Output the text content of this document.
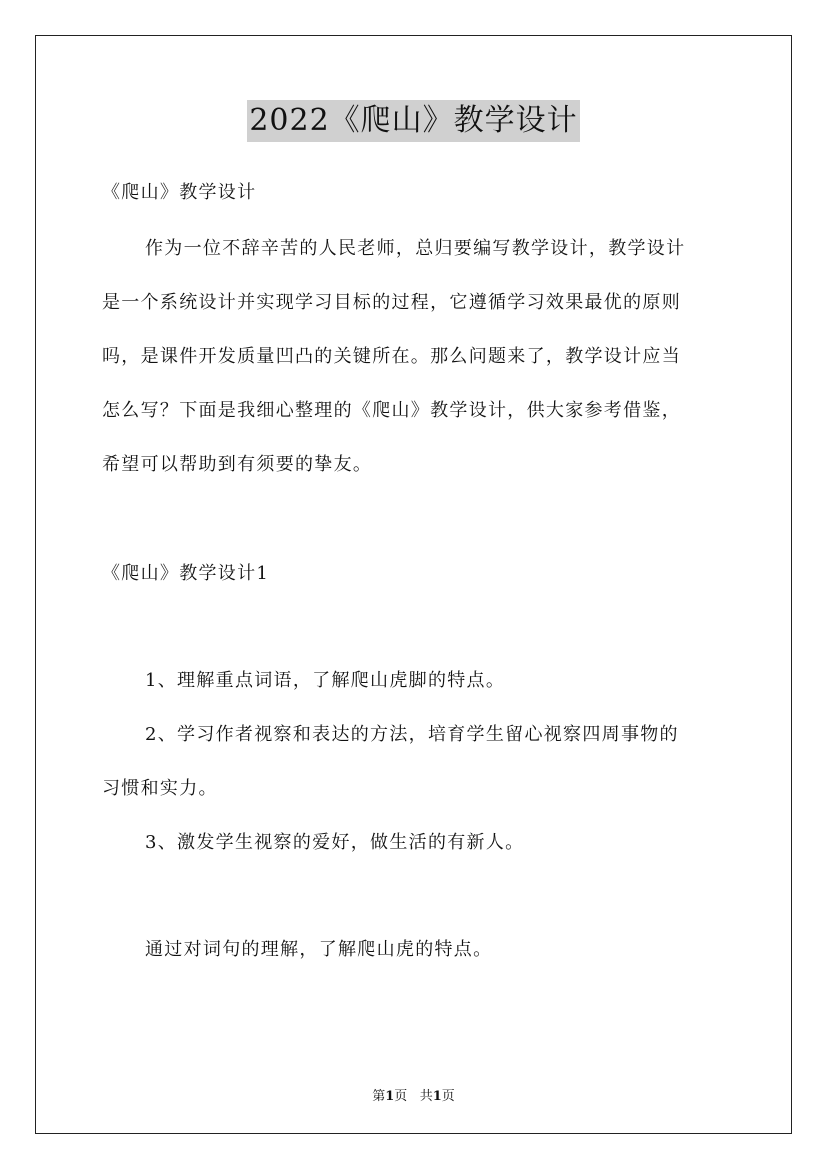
2022《爬山》教学设计
《爬山》教学设计
作为一位不辞辛苦的人民老师，总归要编写教学设计，教学设计
是一个系统设计并实现学习目标的过程，它遵循学习效果最优的原则
吗，是课件开发质量凹凸的关键所在。那么问题来了，教学设计应当
怎么写？下面是我细心整理的《爬山》教学设计，供大家参考借鉴，
希望可以帮助到有须要的挚友。
《爬山》教学设计1
1、理解重点词语，了解爬山虎脚的特点。
2、学习作者视察和表达的方法，培育学生留心视察四周事物的
习惯和实力。
3、激发学生视察的爱好，做生活的有新人。
通过对词句的理解，了解爬山虎的特点。
第1页 共1页
